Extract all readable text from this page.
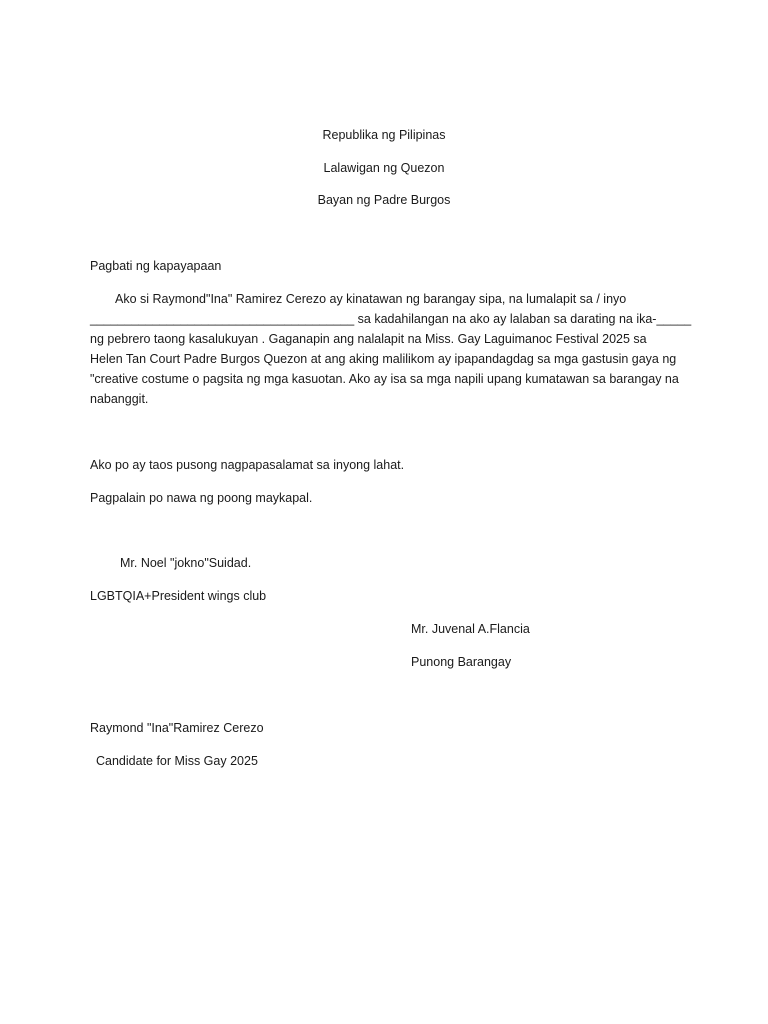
Republika ng Pilipinas

Lalawigan ng Quezon

Bayan ng Padre Burgos

Pagbati ng kapayapaan

Ako si Raymond"Ina" Ramirez Cerezo ay kinatawan ng barangay sipa, na lumalapit sa / inyo
______________________________________ sa kadahilangan na ako ay lalaban sa darating na ika-_____
ng pebrero taong kasalukuyan . Gaganapin ang nalalapit na Miss. Gay Laguimanoc Festival 2025 sa
Helen Tan Court Padre Burgos Quezon at ang aking malilikom ay ipapandagdag sa mga gastusin gaya ng
"creative costume o pagsita ng mga kasuotan. Ako ay isa sa mga napili upang kumatawan sa barangay na
nabanggit.

Ako po ay taos pusong nagpapasalamat sa inyong lahat.

Pagpalain po nawa ng poong maykapal.

Mr. Noel "jokno"Suidad.

LGBTQIA+President wings club

Mr. Juvenal A.Flancia

Punong Barangay

Raymond "Ina"Ramirez Cerezo

Candidate for Miss Gay 2025
